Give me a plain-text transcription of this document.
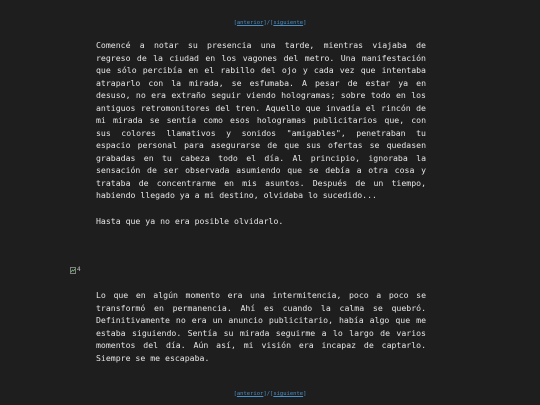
[anterior]/[siguiente]

Comencé a notar su presencia una tarde, mientras viajaba de regreso de la ciudad en los vagones del metro. Una manifestación que sólo percibía en el rabillo del ojo y cada vez que intentaba atraparlo con la mirada, se esfumaba. A pesar de estar ya en desuso, no era extraño seguir viendo hologramas; sobre todo en los antiguos retromonitores del tren. Aquello que invadía el rincón de mi mirada se sentía como esos hologramas publicitarios que, con sus colores llamativos y sonidos "amigables", penetraban tu espacio personal para asegurarse de que sus ofertas se quedasen grabadas en tu cabeza todo el día. Al principio, ignoraba la sensación de ser observada asumiendo que se debía a otra cosa y trataba de concentrarme en mis asuntos. Después de un tiempo, habiendo llegado ya a mi destino, olvidaba lo sucedido...

Hasta que ya no era posible olvidarlo.

4

Lo que en algún momento era una intermitencia, poco a poco se transformó en permanencia. Ahí es cuando la calma se quebró. Definitivamente no era un anuncio publicitario, había algo que me estaba siguiendo. Sentía su mirada seguirme a lo largo de varios momentos del día. Aún así, mi visión era incapaz de captarlo. Siempre se me escapaba.

[anterior]/[siguiente]
